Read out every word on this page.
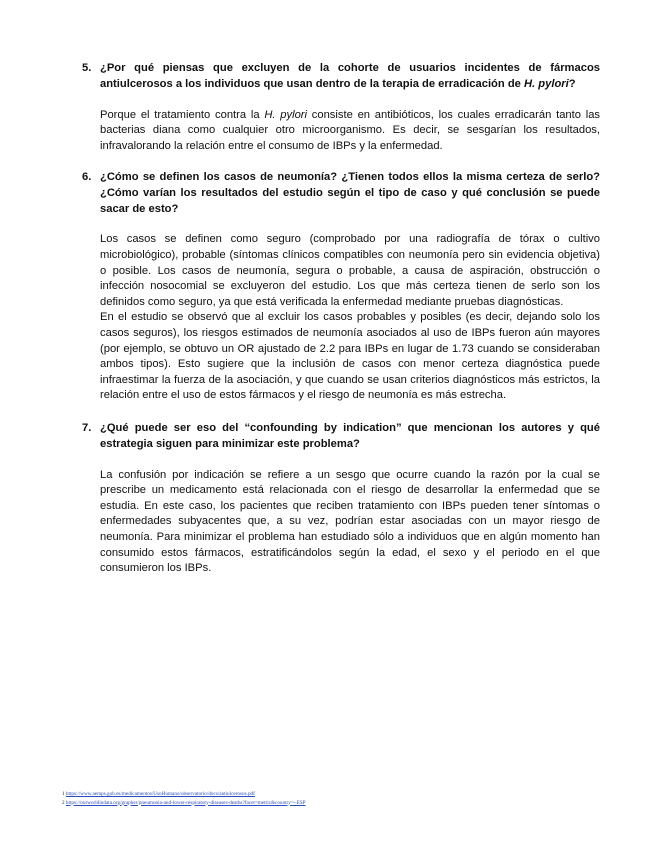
5. ¿Por qué piensas que excluyen de la cohorte de usuarios incidentes de fármacos antiulcerosos a los individuos que usan dentro de la terapia de erradicación de H. pylori?

Porque el tratamiento contra la H. pylori consiste en antibióticos, los cuales erradicarán tanto las bacterias diana como cualquier otro microorganismo. Es decir, se sesgarían los resultados, infravalorando la relación entre el consumo de IBPs y la enfermedad.

6. ¿Cómo se definen los casos de neumonía? ¿Tienen todos ellos la misma certeza de serlo? ¿Cómo varían los resultados del estudio según el tipo de caso y qué conclusión se puede sacar de esto?

Los casos se definen como seguro (comprobado por una radiografía de tórax o cultivo microbiológico), probable (síntomas clínicos compatibles con neumonía pero sin evidencia objetiva) o posible. Los casos de neumonía, segura o probable, a causa de aspiración, obstrucción o infección nosocomial se excluyeron del estudio. Los que más certeza tienen de serlo son los definidos como seguro, ya que está verificada la enfermedad mediante pruebas diagnósticas.

En el estudio se observó que al excluir los casos probables y posibles (es decir, dejando solo los casos seguros), los riesgos estimados de neumonía asociados al uso de IBPs fueron aún mayores (por ejemplo, se obtuvo un OR ajustado de 2.2 para IBPs en lugar de 1.73 cuando se consideraban ambos tipos). Esto sugiere que la inclusión de casos con menor certeza diagnóstica puede infraestimar la fuerza de la asociación, y que cuando se usan criterios diagnósticos más estrictos, la relación entre el uso de estos fármacos y el riesgo de neumonía es más estrecha.

7. ¿Qué puede ser eso del “confounding by indication” que mencionan los autores y qué estrategia siguen para minimizar este problema?

La confusión por indicación se refiere a un sesgo que ocurre cuando la razón por la cual se prescribe un medicamento está relacionada con el riesgo de desarrollar la enfermedad que se estudia. En este caso, los pacientes que reciben tratamiento con IBPs pueden tener síntomas o enfermedades subyacentes que, a su vez, podrían estar asociadas con un mayor riesgo de neumonía. Para minimizar el problema han estudiado sólo a individuos que en algún momento han consumido estos fármacos, estratificándolos según la edad, el sexo y el periodo en el que consumieron los IBPs.

1 https://www.aemps.gob.es/medicamentos/UsoHumano/observatorio/docs/antiulcerosos.pdf
2 https://ourworldindata.org/grapher/pneumonia-and-lower-respiratory-diseases-deaths?facet=metric&country=~ESP
